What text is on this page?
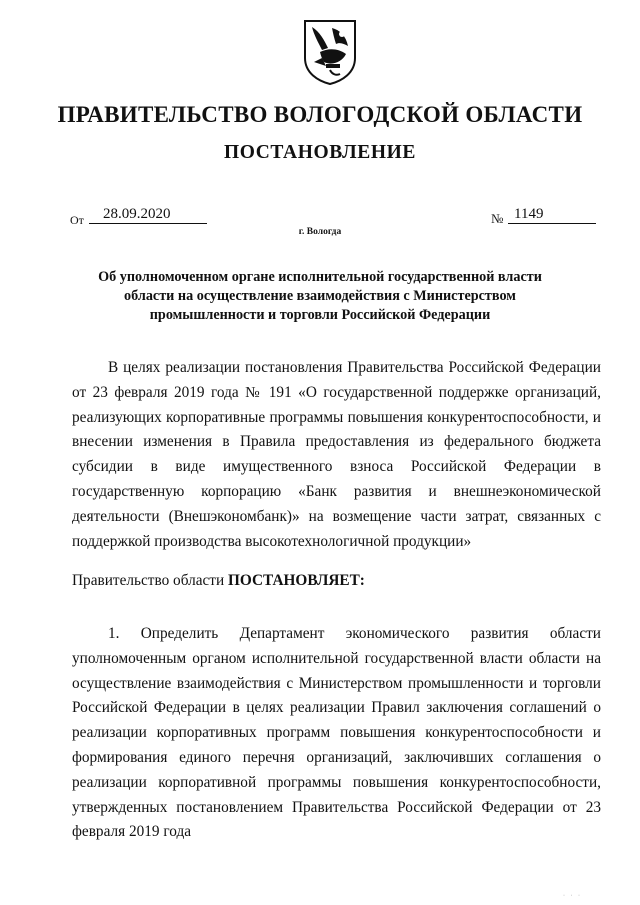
ПРАВИТЕЛЬСТВО ВОЛОГОДСКОЙ ОБЛАСТИ
ПОСТАНОВЛЕНИЕ
От	28.09.2020	№ 1149
г. Вологда
Об уполномоченном органе исполнительной государственной власти области на осуществление взаимодействия с Министерством промышленности и торговли Российской Федерации

В целях реализации постановления Правительства Российской Федерации от 23 февраля 2019 года № 191 «О государственной поддержке организаций, реализующих корпоративные программы повышения конкурентоспособности, и внесении изменения в Правила предоставления из федерального бюджета субсидии в виде имущественного взноса Российской Федерации в государственную корпорацию «Банк развития и внешнеэкономической деятельности (Внешэкономбанк)» на возмещение части затрат, связанных с поддержкой производства высокотехнологичной продукции»

Правительство области ПОСТАНОВЛЯЕТ:

1. Определить Департамент экономического развития области уполномоченным органом исполнительной государственной власти области на осуществление взаимодействия с Министерством промышленности и торговли Российской Федерации в целях реализации Правил заключения соглашений о реализации корпоративных программ повышения конкурентоспособности и формирования единого перечня организаций, заключивших соглашения о реализации корпоративной программы повышения конкурентоспособности, утвержденных постановлением Правительства Российской Федерации от 23 февраля 2019 года

· · ·
